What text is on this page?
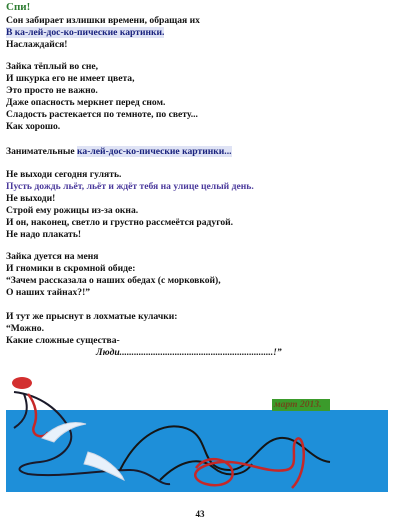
Спи!
Сон забирает излишки времени, обращая их
В ка-лей-дос-ко-пические картинки.
Наслаждайся!
Зайка тёплый во сне,
И шкурка его не имеет цвета,
Это просто не важно.
Даже опасность меркнет перед сном.
Сладость растекается по темноте, по свету...
Как хорошо.
Занимательные ка-лей-дос-ко-пические картинки...
Не выходи сегодня гулять.
Пусть дождь льёт, льёт и ждёт тебя на улице целый день.
Не выходи!
Строй ему рожицы из-за окна.
И он, наконец, светло и грустно рассмеётся радугой.
Не надо плакать!
Зайка дуется на меня
И гномики в скромной обиде:
“Зачем рассказала о наших обедах (с морковкой),
О наших тайнах?!”
И тут же прыснут в лохматые кулачки:
“Можно.
Какие сложные существа-
Люди................................................................!”
март 2013.
43
